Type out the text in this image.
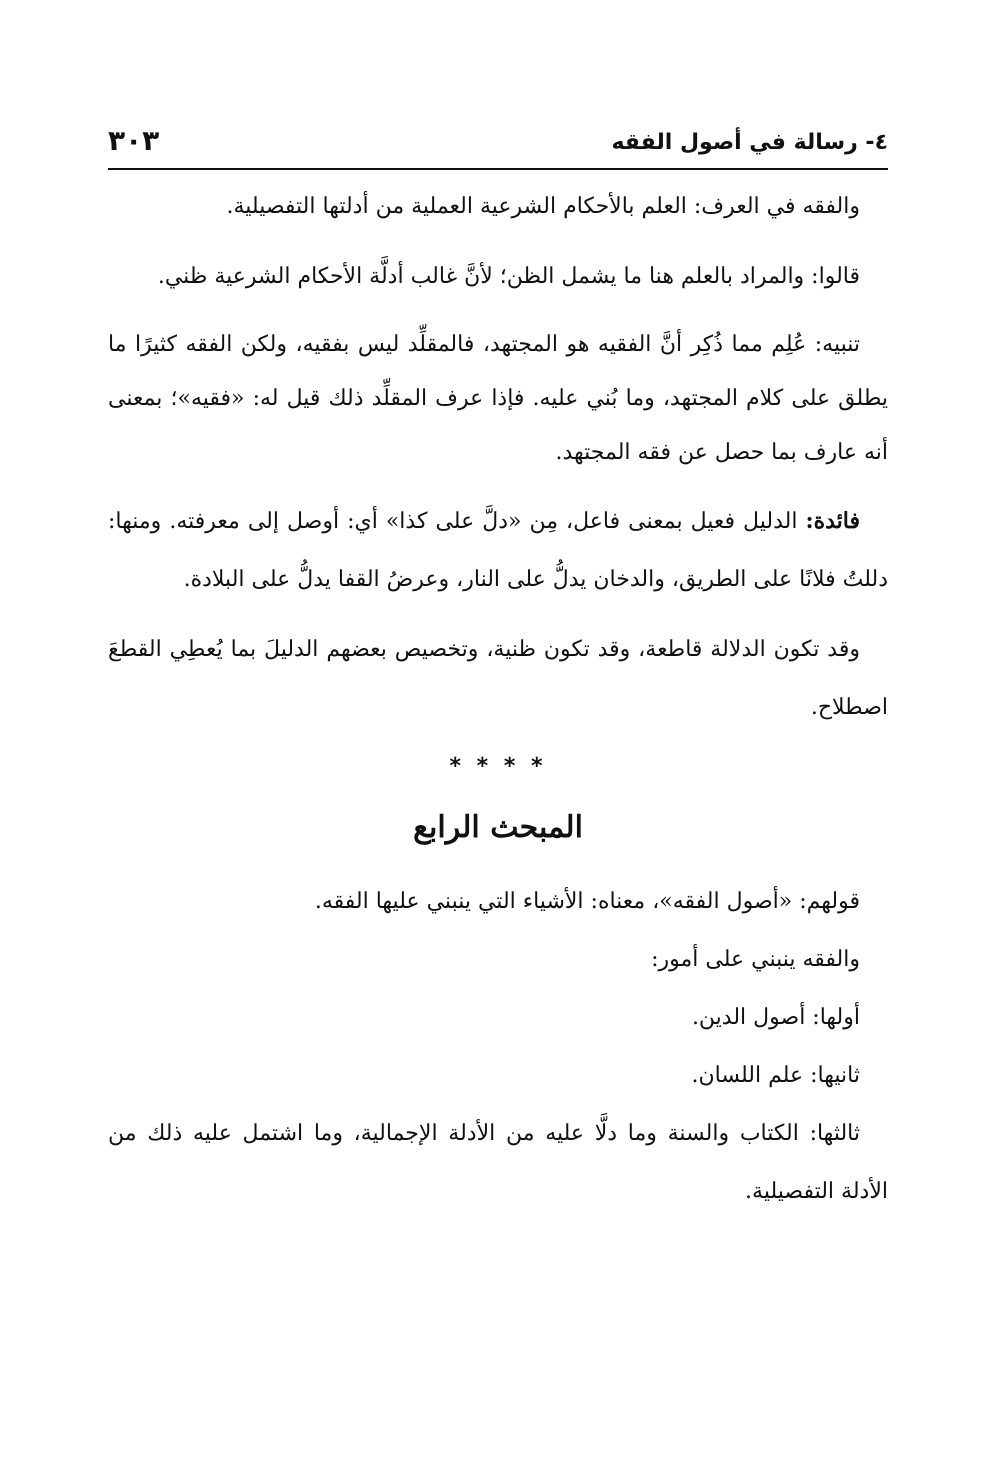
٤- رسالة في أصول الفقه
٣٠٣

والفقه في العرف: العلم بالأحكام الشرعية العملية من أدلتها التفصيلية.

قالوا: والمراد بالعلم هنا ما يشمل الظن؛ لأنَّ غالب أدلَّة الأحكام الشرعية ظني.

تنبيه: عُلِم مما ذُكِر أنَّ الفقيه هو المجتهد، فالمقلِّد ليس بفقيه، ولكن الفقه كثيرًا ما يطلق على كلام المجتهد، وما بُني عليه. فإذا عرف المقلِّد ذلك قيل له: «فقيه»؛ بمعنى أنه عارف بما حصل عن فقه المجتهد.

فائدة: الدليل فعيل بمعنى فاعل، مِن «دلَّ على كذا» أي: أوصل إلى معرفته. ومنها: دللتُ فلانًا على الطريق، والدخان يدلُّ على النار، وعرضُ القفا يدلُّ على البلادة.

وقد تكون الدلالة قاطعة، وقد تكون ظنية، وتخصيص بعضهم الدليلَ بما يُعطِي القطعَ اصطلاح.

* * * *
المبحث الرابع

قولهم: «أصول الفقه»، معناه: الأشياء التي ينبني عليها الفقه.

والفقه ينبني على أمور:

أولها: أصول الدين.

ثانيها: علم اللسان.

ثالثها: الكتاب والسنة وما دلَّا عليه من الأدلة الإجمالية، وما اشتمل عليه ذلك من الأدلة التفصيلية.
